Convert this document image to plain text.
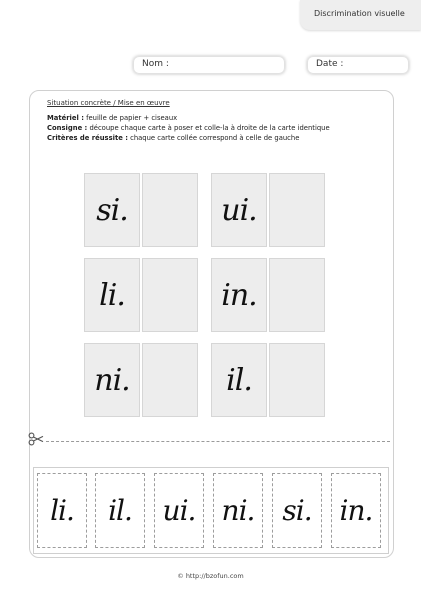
Discrimination visuelle
Nom :	Date :
Situation concrète / Mise en œuvre
Matériel : feuille de papier + ciseaux
Consigne : découpe chaque carte à poser et colle-la à droite de la carte identique
Critères de réussite : chaque carte collée correspond à celle de gauche
si.	ui.
li.	in.
ni.	il.
li.	il.	ui. ni. si. in.
© http://bzofun.com
